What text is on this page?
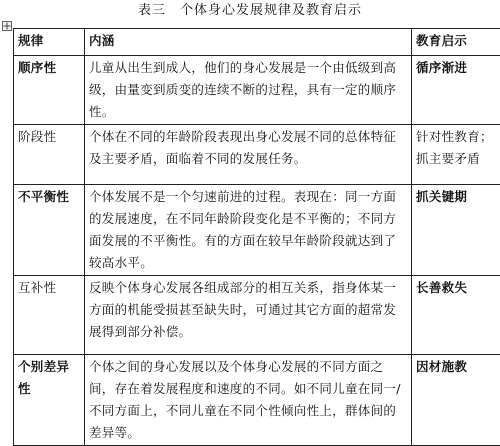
表三　个体身心发展规律及教育启示
规律	内涵	教育启示
顺序性	儿童从出生到成人，他们的身心发展是一个由低级到高级，由量变到质变的连续不断的过程，具有一定的顺序性。	循序渐进
阶段性	个体在不同的年龄阶段表现出身心发展不同的总体特征及主要矛盾，面临着不同的发展任务。	针对性教育；抓主要矛盾
不平衡性	个体发展不是一个匀速前进的过程。表现在：同一方面的发展速度，在不同年龄阶段变化是不平衡的；不同方面发展的不平衡性。有的方面在较早年龄阶段就达到了较高水平。	抓关键期
互补性	反映个体身心发展各组成部分的相互关系，指身体某一方面的机能受损甚至缺失时，可通过其它方面的超常发展得到部分补偿。	长善救失
个别差异性	个体之间的身心发展以及个体身心发展的不同方面之间，存在着发展程度和速度的不同。如不同儿童在同一/不同方面上，不同儿童在不同个性倾向性上，群体间的差异等。	因材施教
